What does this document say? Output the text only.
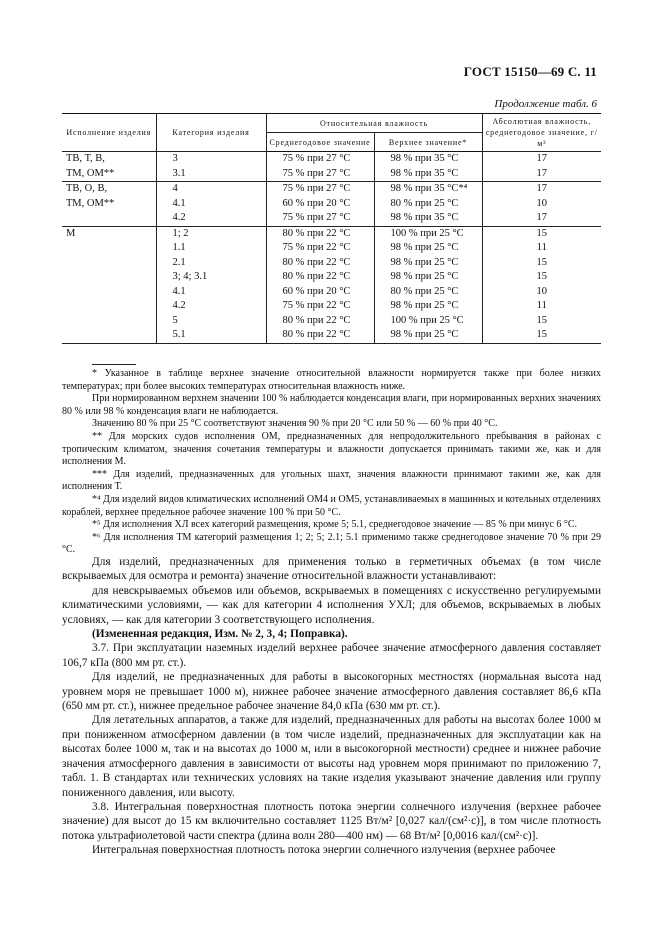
ГОСТ 15150—69 С. 11
Продолжение табл. 6
Исполнение изделия	Категория изделия	Относительная влажность		Абсолютная влажность, среднегодовое значение, г/м³
		Среднегодовое значение	Верхнее значение*	
ТВ, Т, В,	3	75 % при 27 °С	98 % при 35 °С	17
ТМ, ОМ**	3.1	75 % при 27 °С	98 % при 35 °С	17
ТВ, О, В,	4	75 % при 27 °С	98 % при 35 °С*⁴	17
ТМ, ОМ**	4.1	60 % при 20 °С	80 % при 25 °С	10
	4.2	75 % при 27 °С	98 % при 35 °С	17
М	1; 2	80 % при 22 °С	100 % при 25 °С	15
	1.1	75 % при 22 °С	98 % при 25 °С	11
	2.1	80 % при 22 °С	98 % при 25 °С	15
	3; 4; 3.1	80 % при 22 °С	98 % при 25 °С	15
	4.1	60 % при 20 °С	80 % при 25 °С	10
	4.2	75 % при 22 °С	98 % при 25 °С	11
	5	80 % при 22 °С	100 % при 25 °С	15
	5.1	80 % при 22 °С	98 % при 25 °С	15

* Указанное в таблице верхнее значение относительной влажности нормируется также при более низких температурах; при более высоких температурах относительная влажность ниже.

При нормированном верхнем значении 100 % наблюдается конденсация влаги, при нормированных верхних значениях 80 % или 98 % конденсация влаги не наблюдается.

Значению 80 % при 25 °С соответствуют значения 90 % при 20 °С или 50 % — 60 % при 40 °С.

** Для морских судов исполнения ОМ, предназначенных для непродолжительного пребывания в районах с тропическим климатом, значения сочетания температуры и влажности допускается принимать такими же, как и для исполнения М.

*** Для изделий, предназначенных для угольных шахт, значения влажности принимают такими же, как для исполнения Т.

*⁴ Для изделий видов климатических исполнений ОМ4 и ОМ5, устанавливаемых в машинных и котельных отделениях кораблей, верхнее предельное рабочее значение 100 % при 50 °С.

*⁵ Для исполнения ХЛ всех категорий размещения, кроме 5; 5.1, среднегодовое значение — 85 % при минус 6 °С.

*⁶ Для исполнения ТМ категорий размещения 1; 2; 5; 2.1; 5.1 применимо также среднегодовое значение 70 % при 29 °С.

Для изделий, предназначенных для применения только в герметичных объемах (в том числе вскрываемых для осмотра и ремонта) значение относительной влажности устанавливают:

для невскрываемых объемов или объемов, вскрываемых в помещениях с искусственно регулируемыми климатическими условиями, — как для категории 4 исполнения УХЛ; для объемов, вскрываемых в любых условиях, — как для категории 3 соответствующего исполнения.

(Измененная редакция, Изм. № 2, 3, 4; Поправка).

3.7. При эксплуатации наземных изделий верхнее рабочее значение атмосферного давления составляет 106,7 кПа (800 мм рт. ст.).

Для изделий, не предназначенных для работы в высокогорных местностях (нормальная высота над уровнем моря не превышает 1000 м), нижнее рабочее значение атмосферного давления составляет 86,6 кПа (650 мм рт. ст.), нижнее предельное рабочее значение 84,0 кПа (630 мм рт. ст.).

Для летательных аппаратов, а также для изделий, предназначенных для работы на высотах более 1000 м при пониженном атмосферном давлении (в том числе изделий, предназначенных для эксплуатации как на высотах более 1000 м, так и на высотах до 1000 м, или в высокогорной местности) среднее и нижнее рабочие значения атмосферного давления в зависимости от высоты над уровнем моря принимают по приложению 7, табл. 1. В стандартах или технических условиях на такие изделия указывают значение давления или группу пониженного давления, или высоту.

3.8. Интегральная поверхностная плотность потока энергии солнечного излучения (верхнее рабочее значение) для высот до 15 км включительно составляет 1125 Вт/м² [0,027 кал/(см²·с)], в том числе плотность потока ультрафиолетовой части спектра (длина волн 280—400 нм) — 68 Вт/м² [0,0016 кал/(см²·с)].

Интегральная поверхностная плотность потока энергии солнечного излучения (верхнее рабочее
